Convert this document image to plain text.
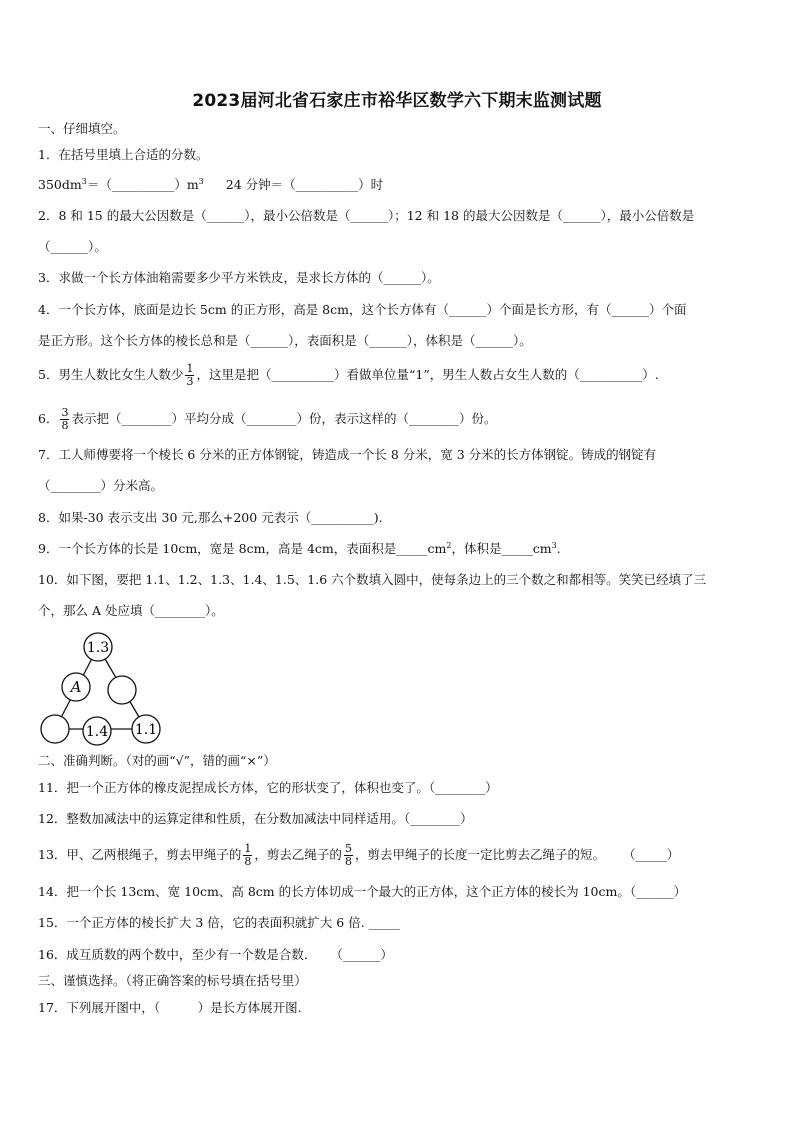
2023届河北省石家庄市裕华区数学六下期末监测试题
一、仔细填空。
1．在括号里填上合适的分数。
$350dm^3=(\_\_\_\_\_\_\_\_\_\_)m^3$ 24 分钟＝（__________）时
2．8 和 15 的最大公因数是（______），最小公倍数是（______）；12 和 18 的最大公因数是（______），最小公倍数是
（______）。
3．求做一个长方体油箱需要多少平方米铁皮，是求长方体的（______）。
4．一个长方体，底面是边长 5cm 的正方形，高是 8cm，这个长方体有（______）个面是长方形，有（______）个面
是正方形。这个长方体的棱长总和是（______），表面积是（______），体积是（______）。
5．男生人数比女生人数少 $\frac{1}{3}$ ，这里是把（__________）看做单位量“1”，男生人数占女生人数的（__________）.
6． $\frac{3}{8}$ 表示把（________）平均分成（________）份，表示这样的（________）份。
7．工人师傅要将一个棱长 6 分米的正方体钢锭，铸造成一个长 8 分米，宽 3 分米的长方体钢锭。铸成的钢锭有
（________）分米高。
8．如果-30 表示支出 30 元,那么+200 元表示（__________).
9．一个长方体的长是 10cm，宽是 8cm，高是 4cm，表面积是$\_\_\_\_\_cm^2$，体积是$\_\_\_\_\_cm^3$.
10．如下图，要把 1.1、1.2、1.3、1.4、1.5、1.6 六个数填入圆中，使每条边上的三个数之和都相等。笑笑已经填了三
个，那么 A 处应填（________）。
1.3
A
1.4 1.1
二、准确判断。（对的画“√”，错的画“×”）
11．把一个正方体的橡皮泥捏成长方体，它的形状变了，体积也变了。（________）
12．整数加减法中的运算定律和性质，在分数加减法中同样适用。（________）
13．甲、乙两根绳子，剪去甲绳子的 $\frac{1}{8}$ ，剪去乙绳子的 $\frac{5}{8}$ ，剪去甲绳子的长度一定比剪去乙绳子的短。 （_____）
14．把一个长 13cm、宽 10cm、高 8cm 的长方体切成一个最大的正方体，这个正方体的棱长为 10cm。（______）
15．一个正方体的棱长扩大 3 倍，它的表面积就扩大 6 倍. _____
16．成互质数的两个数中，至少有一个数是合数． （______）
三、谨慎选择。（将正确答案的标号填在括号里）
17．下列展开图中，（　　　）是长方体展开图.
